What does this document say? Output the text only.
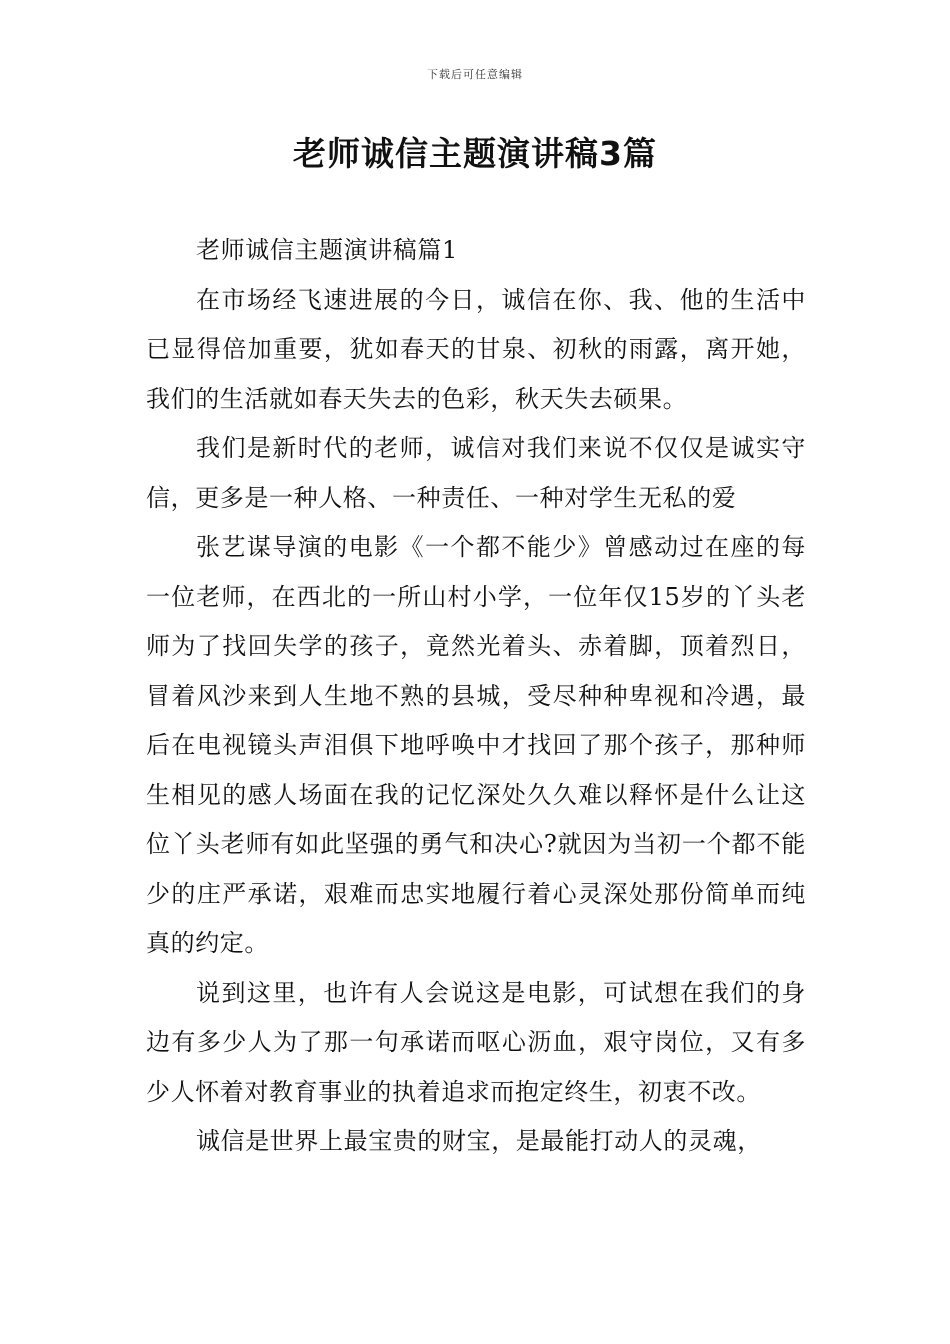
下载后可任意编辑
老师诚信主题演讲稿3篇

老师诚信主题演讲稿篇1

在市场经飞速进展的今日，诚信在你、我、他的生活中已显得倍加重要，犹如春天的甘泉、初秋的雨露，离开她，我们的生活就如春天失去的色彩，秋天失去硕果。

我们是新时代的老师，诚信对我们来说不仅仅是诚实守信，更多是一种人格、一种责任、一种对学生无私的爱

张艺谋导演的电影《一个都不能少》曾感动过在座的每一位老师，在西北的一所山村小学，一位年仅15岁的丫头老师为了找回失学的孩子，竟然光着头、赤着脚，顶着烈日，冒着风沙来到人生地不熟的县城，受尽种种卑视和冷遇，最后在电视镜头声泪俱下地呼唤中才找回了那个孩子，那种师生相见的感人场面在我的记忆深处久久难以释怀是什么让这位丫头老师有如此坚强的勇气和决心?就因为当初一个都不能少的庄严承诺，艰难而忠实地履行着心灵深处那份简单而纯真的约定。

说到这里，也许有人会说这是电影，可试想在我们的身边有多少人为了那一句承诺而呕心沥血，艰守岗位，又有多少人怀着对教育事业的执着追求而抱定终生，初衷不改。

诚信是世界上最宝贵的财宝，是最能打动人的灵魂，
